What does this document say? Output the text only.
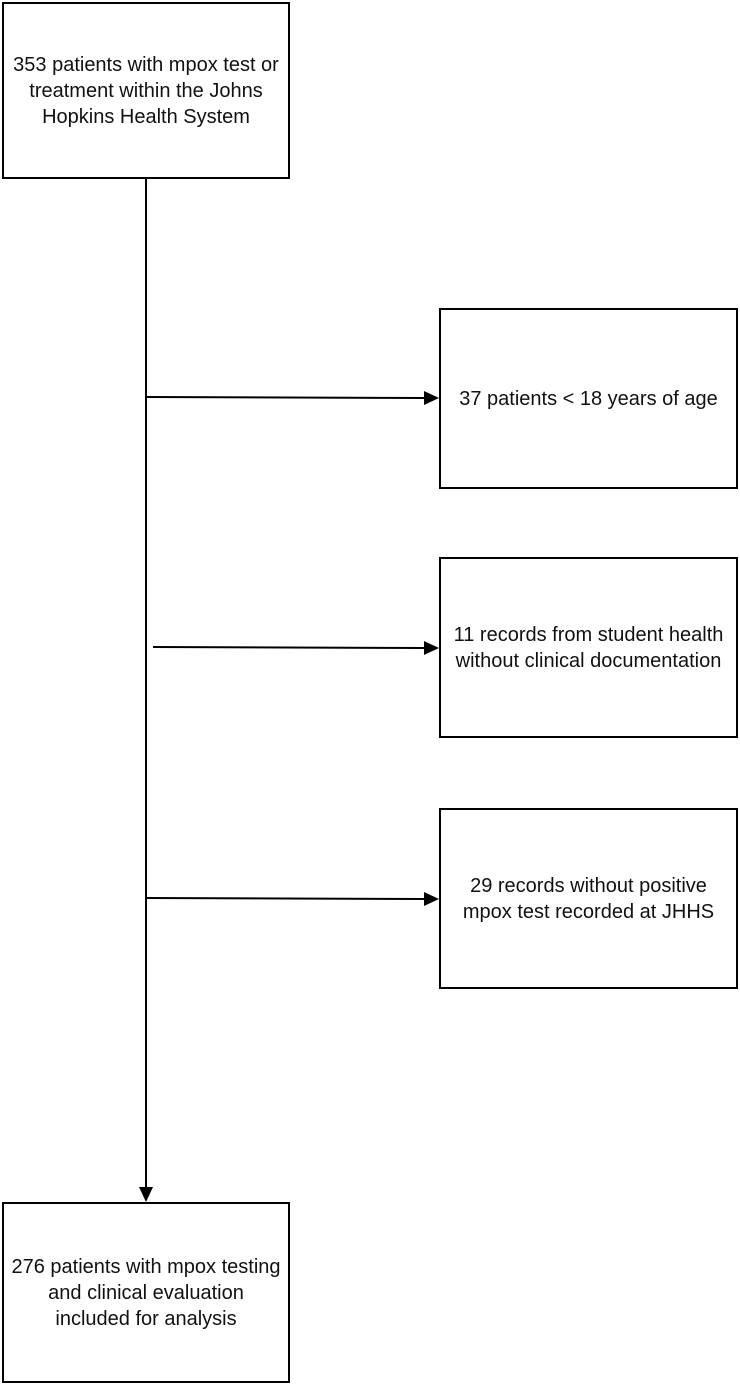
353 patients with mpox test or treatment within the Johns Hopkins Health System
37 patients < 18 years of age
11 records from student health without clinical documentation
29 records without positive mpox test recorded at JHHS
276 patients with mpox testing and clinical evaluation included for analysis
